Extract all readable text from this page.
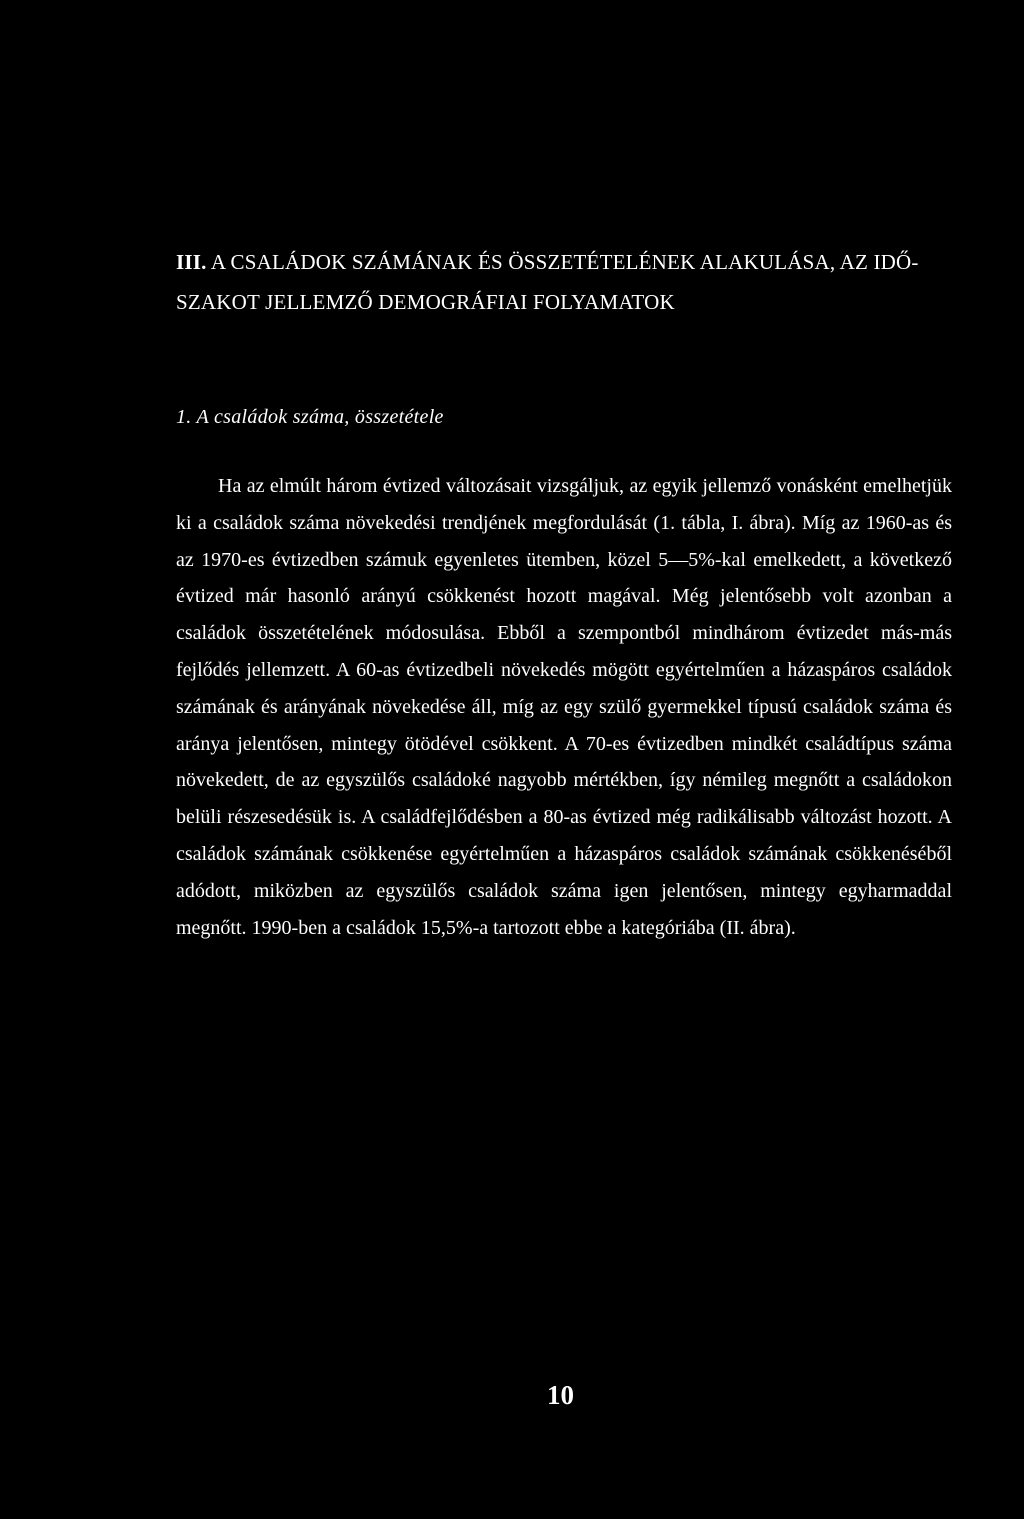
III. A CSALÁDOK SZÁMÁNAK ÉS ÖSSZETÉTELÉNEK ALAKULÁSA, AZ IDŐ-SZAKOT JELLEMZŐ DEMOGRÁFIAI FOLYAMATOK
1. A családok száma, összetétele

Ha az elmúlt három évtized változásait vizsgáljuk, az egyik jellemző vonásként emelhetjük ki a családok száma növekedési trendjének megfordulását (1. tábla, I. ábra). Míg az 1960-as és az 1970-es évtizedben számuk egyenletes ütemben, közel 5—5%-kal emelkedett, a következő évtized már hasonló arányú csökkenést hozott magával. Még jelentősebb volt azonban a családok összetételének módosulása. Ebből a szempontból mindhárom évtizedet más-más fejlődés jellemzett. A 60-as évtizedbeli növekedés mögött egyértelműen a házaspáros családok számának és arányának növekedése áll, míg az egy szülő gyermekkel típusú családok száma és aránya jelentősen, mintegy ötödével csökkent. A 70-es évtizedben mindkét családtípus száma növekedett, de az egyszülős családoké nagyobb mértékben, így némileg megnőtt a családokon belüli részesedésük is. A családfejlődésben a 80-as évtized még radikálisabb változást hozott. A családok számának csökkenése egyértelműen a házaspáros családok számának csökkenéséből adódott, miközben az egyszülős családok száma igen jelentősen, mintegy egyharmaddal megnőtt. 1990-ben a családok 15,5%-a tartozott ebbe a kategóriába (II. ábra).

10
